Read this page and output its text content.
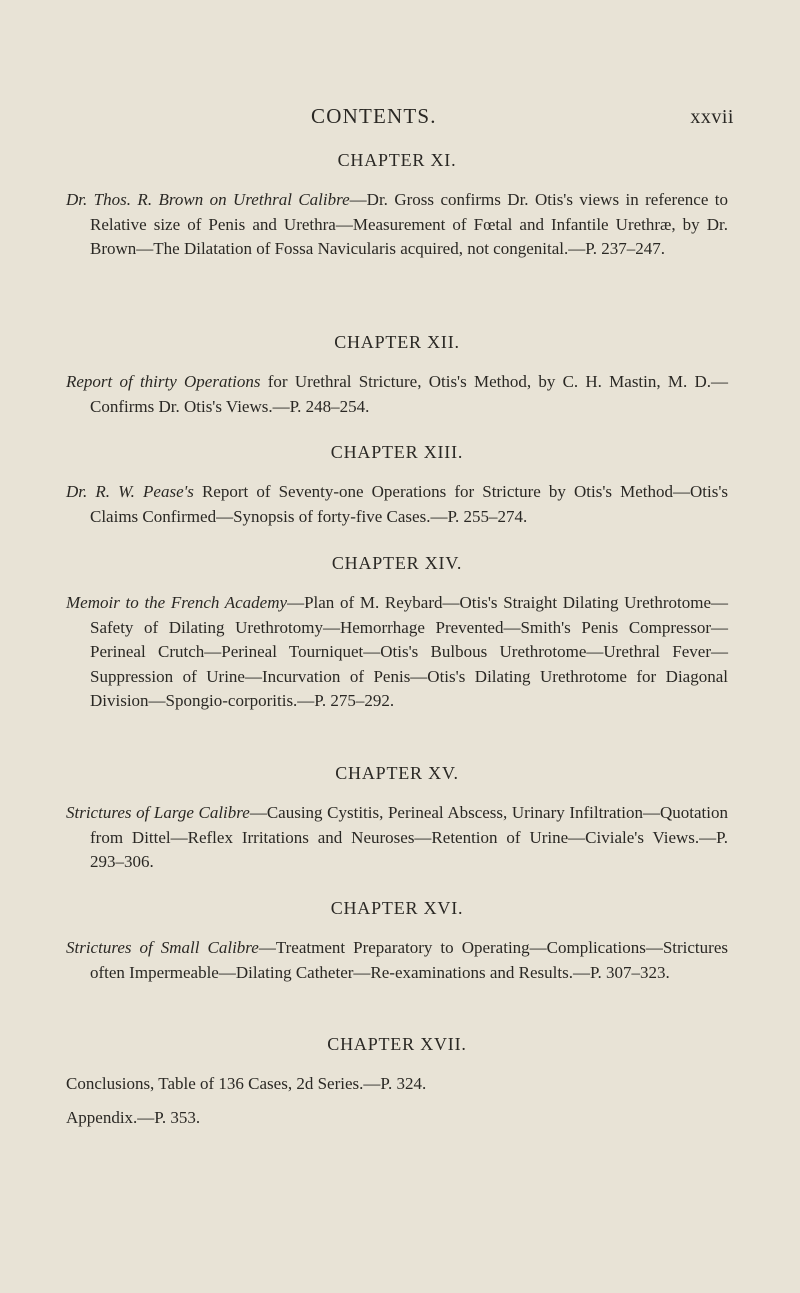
CONTENTS.	xxvii
CHAPTER XI.

Dr. Thos. R. Brown on Urethral Calibre—Dr. Gross confirms Dr. Otis's views in reference to Relative size of Penis and Urethra—Measurement of Fœtal and Infantile Urethræ, by Dr. Brown—The Dilatation of Fossa Navicularis acquired, not congenital.—P. 237–247.

CHAPTER XII.

Report of thirty Operations for Urethral Stricture, Otis's Method, by C. H. Mastin, M. D.—Confirms Dr. Otis's Views.—P. 248–254.

CHAPTER XIII.

Dr. R. W. Pease's Report of Seventy-one Operations for Stricture by Otis's Method—Otis's Claims Confirmed—Synopsis of forty-five Cases.—P. 255–274.

CHAPTER XIV.

Memoir to the French Academy—Plan of M. Reybard—Otis's Straight Dilating Urethrotome—Safety of Dilating Urethrotomy—Hemorrhage Prevented—Smith's Penis Compressor—Perineal Crutch—Perineal Tourniquet—Otis's Bulbous Urethrotome—Urethral Fever—Suppression of Urine—Incurvation of Penis—Otis's Dilating Urethrotome for Diagonal Division—Spongio-corporitis.—P. 275–292.

CHAPTER XV.

Strictures of Large Calibre—Causing Cystitis, Perineal Abscess, Urinary Infiltration—Quotation from Dittel—Reflex Irritations and Neuroses—Retention of Urine—Civiale's Views.—P. 293–306.

CHAPTER XVI.

Strictures of Small Calibre—Treatment Preparatory to Operating—Complications—Strictures often Impermeable—Dilating Catheter—Re-examinations and Results.—P. 307–323.

CHAPTER XVII.

Conclusions, Table of 136 Cases, 2d Series.—P. 324.

Appendix.—P. 353.
